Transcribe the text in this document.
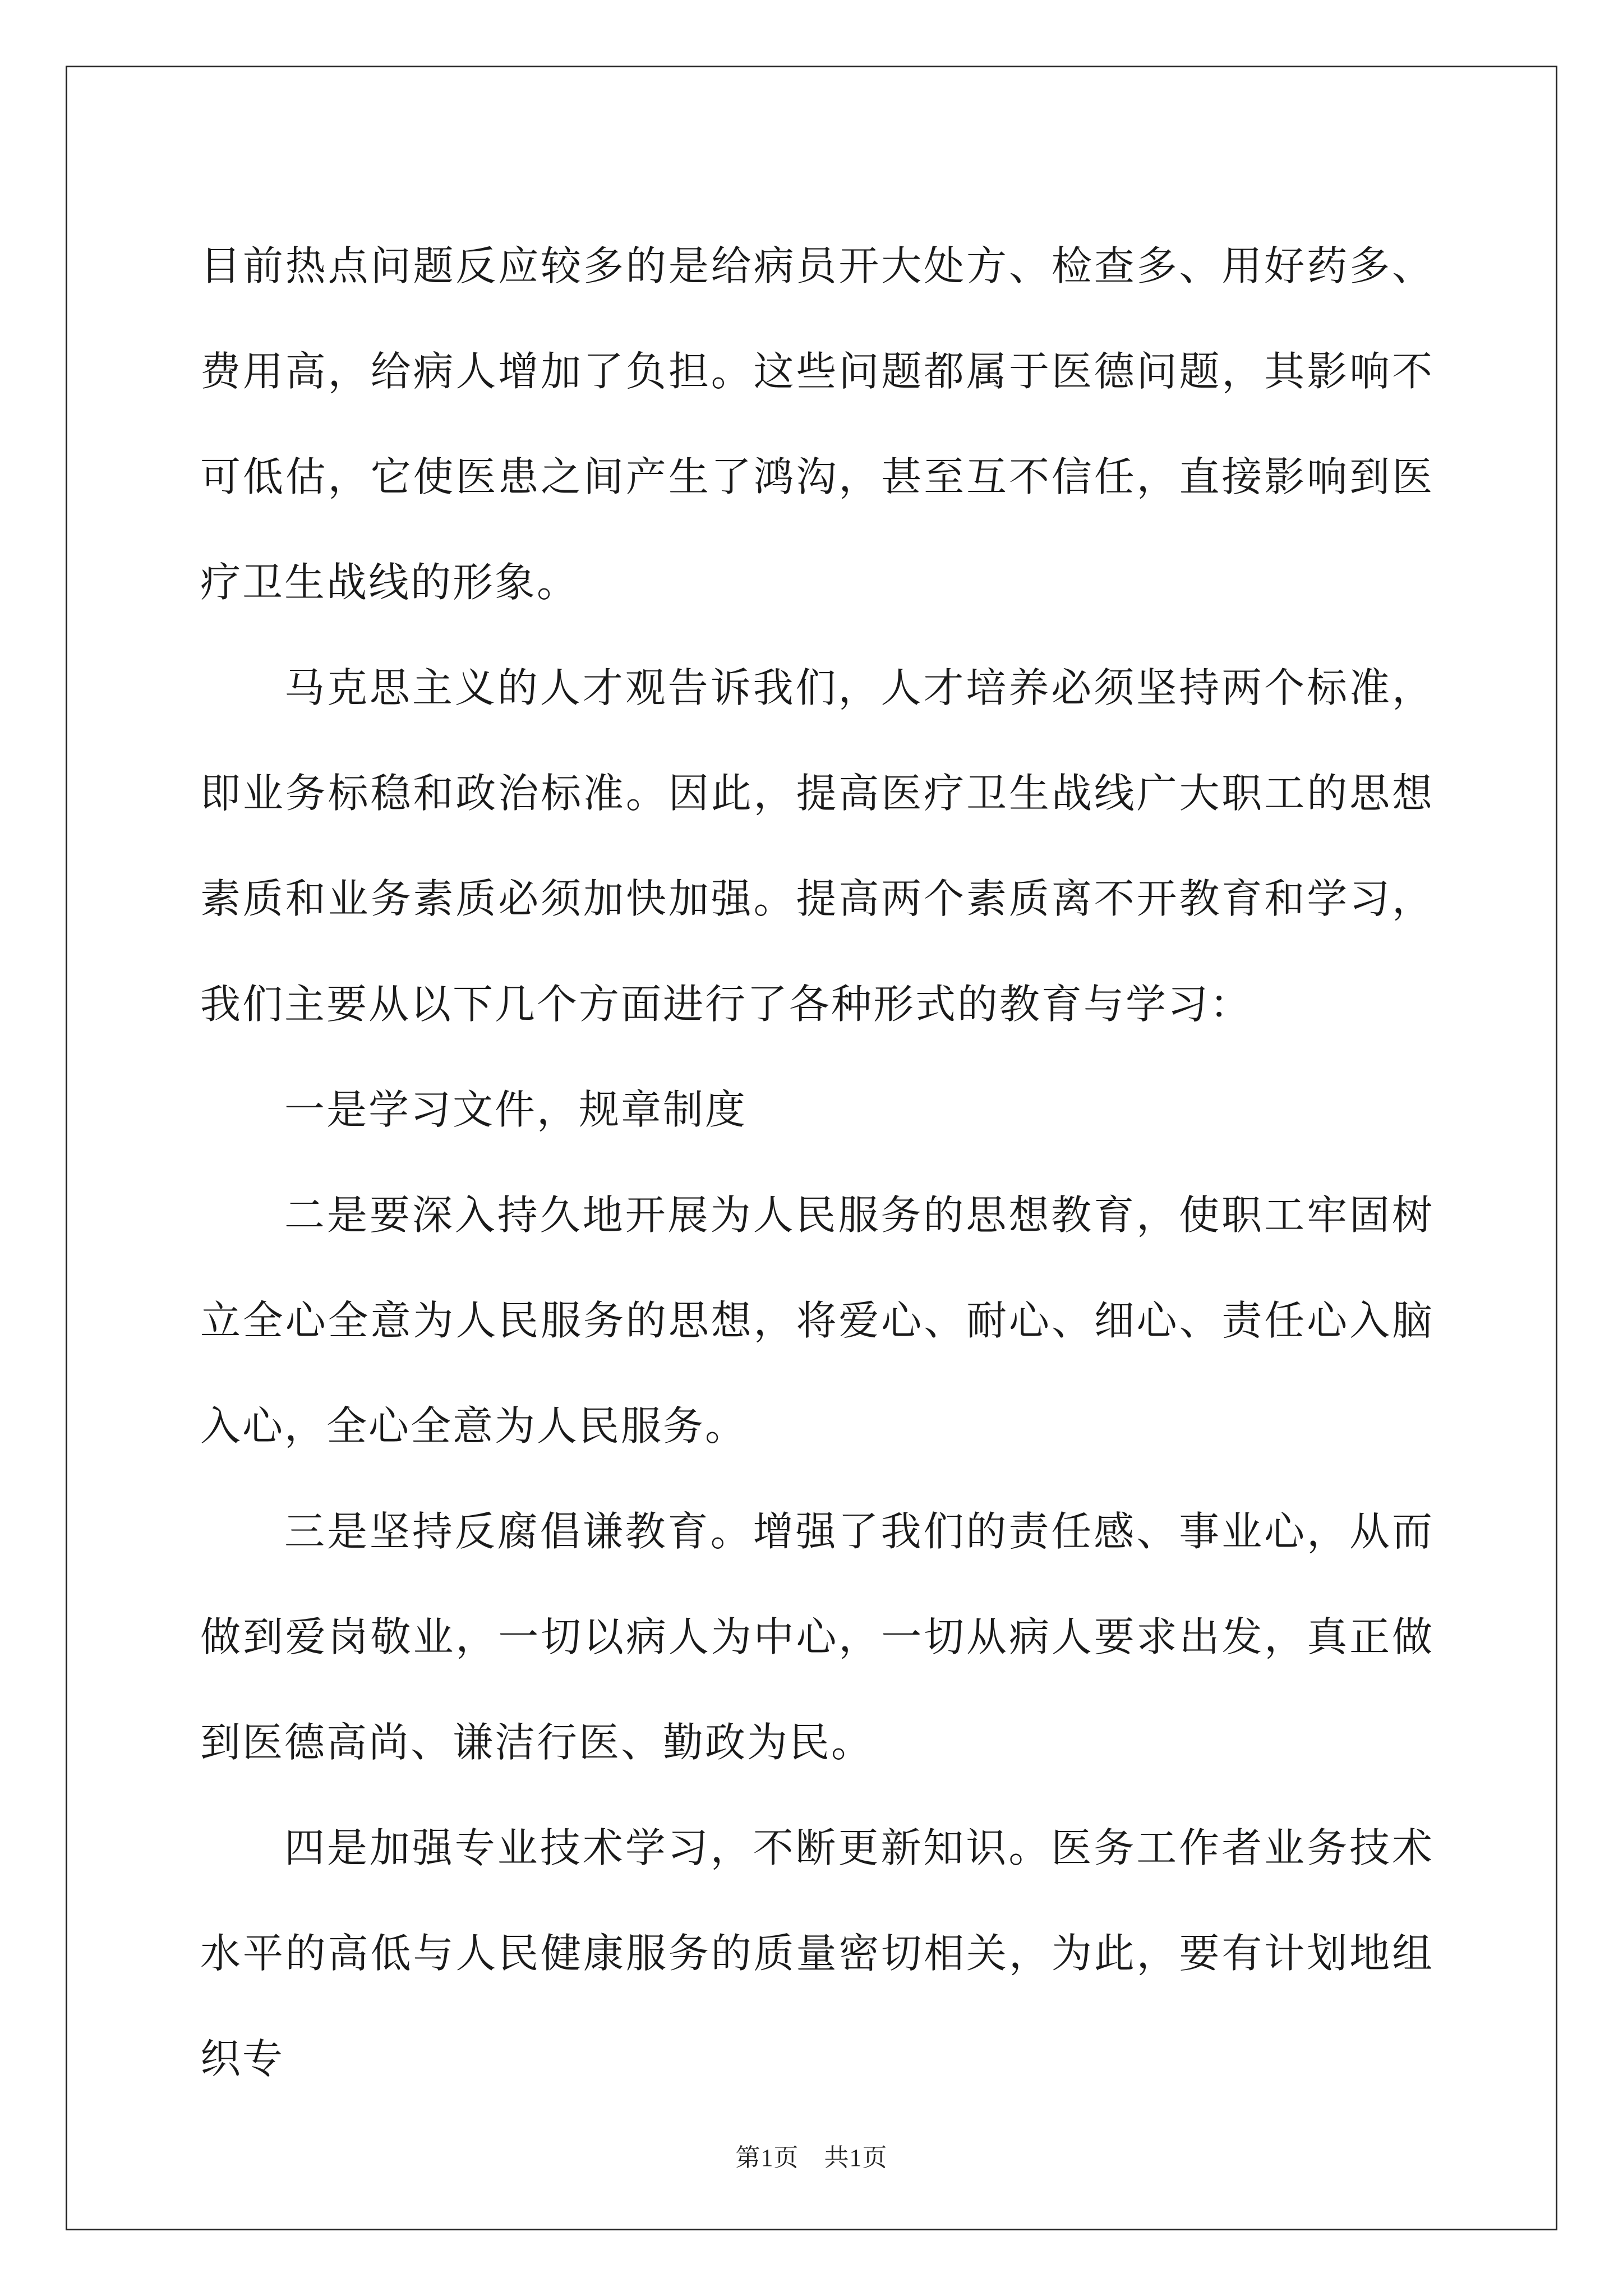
目前热点问题反应较多的是给病员开大处方、检查多、用好药多、费用高，给病人增加了负担。这些问题都属于医德问题，其影响不可低估，它使医患之间产生了鸿沟，甚至互不信任，直接影响到医疗卫生战线的形象。

马克思主义的人才观告诉我们，人才培养必须坚持两个标准，即业务标稳和政治标准。因此，提高医疗卫生战线广大职工的思想素质和业务素质必须加快加强。提高两个素质离不开教育和学习，我们主要从以下几个方面进行了各种形式的教育与学习：

一是学习文件，规章制度

二是要深入持久地开展为人民服务的思想教育，使职工牢固树立全心全意为人民服务的思想，将爱心、耐心、细心、责任心入脑入心，全心全意为人民服务。

三是坚持反腐倡谦教育。增强了我们的责任感、事业心，从而做到爱岗敬业，一切以病人为中心，一切从病人要求出发，真正做到医德高尚、谦洁行医、勤政为民。

四是加强专业技术学习，不断更新知识。医务工作者业务技术水平的高低与人民健康服务的质量密切相关，为此，要有计划地组织专

第1页　共1页
